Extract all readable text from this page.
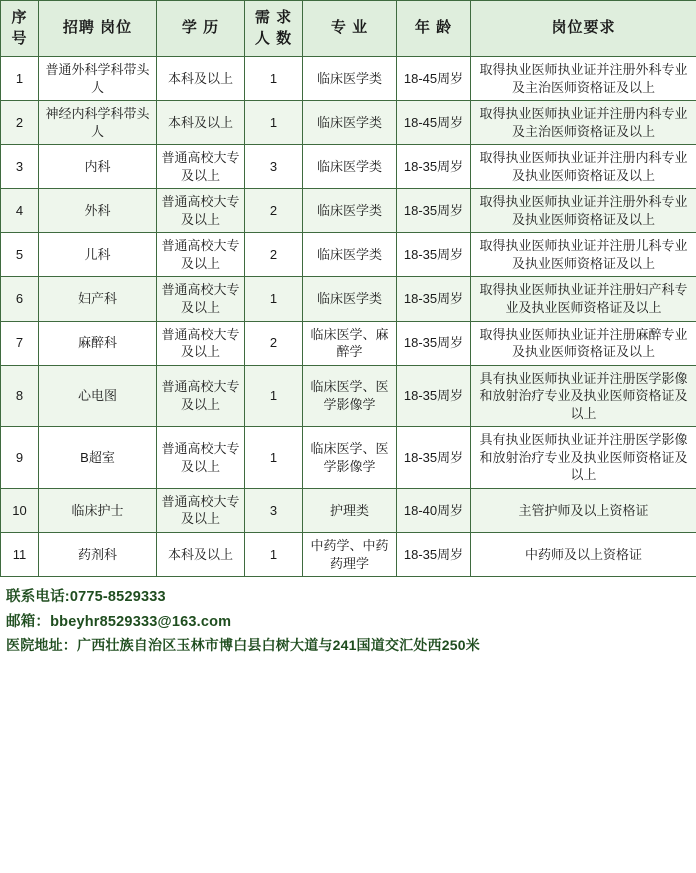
序 号	招聘 岗位	学 历	需 求 人 数	专 业	年 龄	岗位要求
1	普通外科学科带头人	本科及以上	1	临床医学类	18-45周岁	取得执业医师执业证并注册外科专业及主治医师资格证及以上
2	神经内科学科带头人	本科及以上	1	临床医学类	18-45周岁	取得执业医师执业证并注册内科专业及主治医师资格证及以上
3	内科	普通高校大专及以上	3	临床医学类	18-35周岁	取得执业医师执业证并注册内科专业及执业医师资格证及以上
4	外科	普通高校大专及以上	2	临床医学类	18-35周岁	取得执业医师执业证并注册外科专业及执业医师资格证及以上
5	儿科	普通高校大专及以上	2	临床医学类	18-35周岁	取得执业医师执业证并注册儿科专业及执业医师资格证及以上
6	妇产科	普通高校大专及以上	1	临床医学类	18-35周岁	取得执业医师执业证并注册妇产科专业及执业医师资格证及以上
7	麻醉科	普通高校大专及以上	2	临床医学、麻醉学	18-35周岁	取得执业医师执业证并注册麻醉专业及执业医师资格证及以上
8	心电图	普通高校大专及以上	1	临床医学、医学影像学	18-35周岁	具有执业医师执业证并注册医学影像和放射治疗专业及执业医师资格证及以上
9	B超室	普通高校大专及以上	1	临床医学、医学影像学	18-35周岁	具有执业医师执业证并注册医学影像和放射治疗专业及执业医师资格证及以上
10	临床护士	普通高校大专及以上	3	护理类	18-40周岁	主管护师及以上资格证
11	药剂科	本科及以上	1	中药学、中药药理学	18-35周岁	中药师及以上资格证
联系电话:0775-8529333
邮箱：bbeyhr8529333@163.com
医院地址：广西壮族自治区玉林市博白县白树大道与241国道交汇处西250米
